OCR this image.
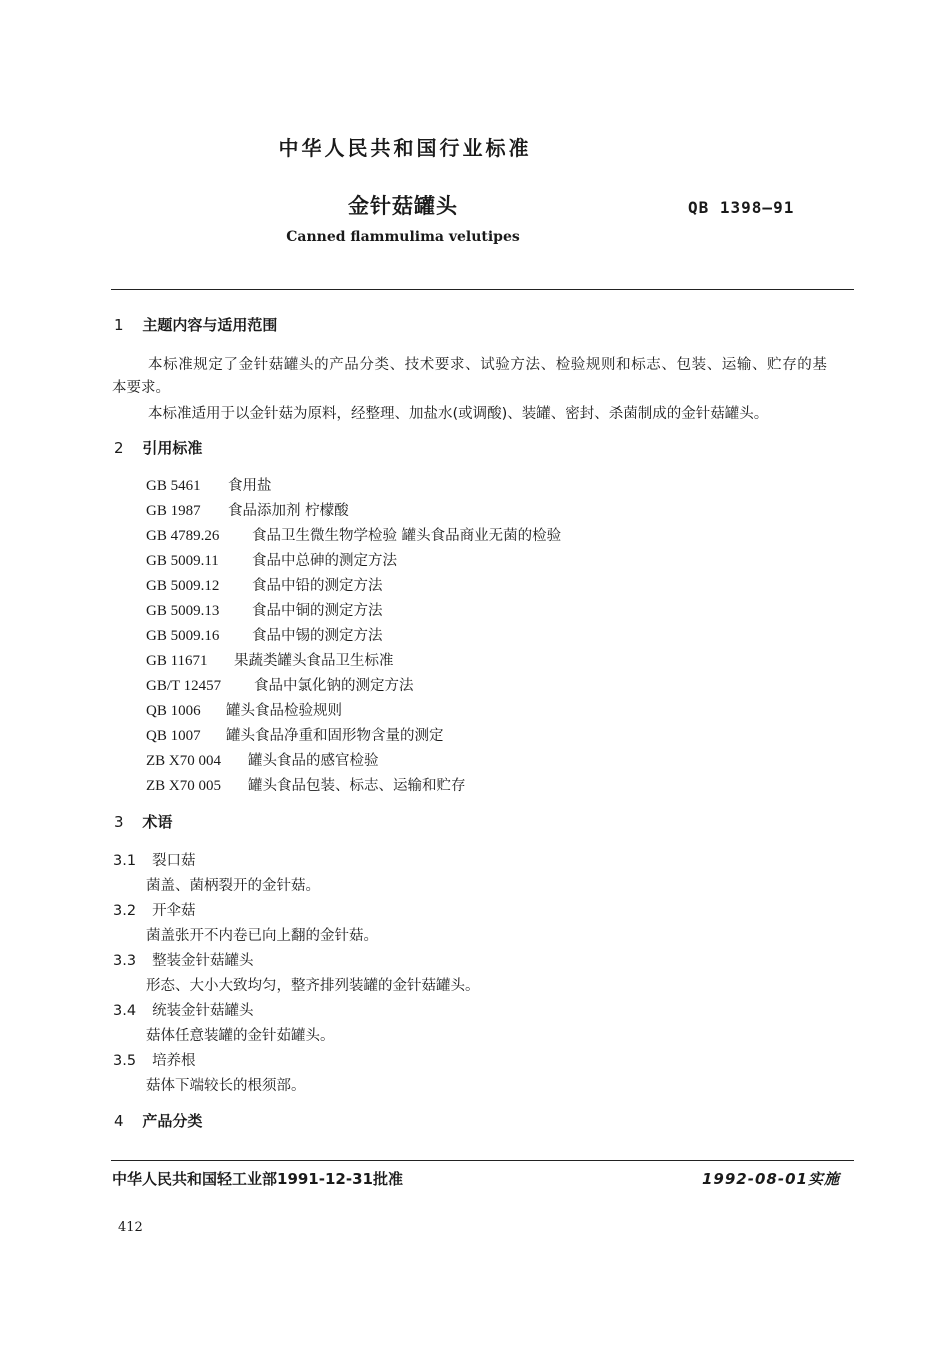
中华人民共和国行业标准
金针菇罐头	QB 1398—91
Canned flammulima velutipes
1 主题内容与适用范围
本标准规定了金针菇罐头的产品分类、技术要求、试验方法、检验规则和标志、包装、运输、贮存的基
本要求。
本标准适用于以金针菇为原料，经整理、加盐水(或调酸)、装罐、密封、杀菌制成的金针菇罐头。
2 引用标准
GB 5461 食用盐
GB 1987 食品添加剂 柠檬酸
GB 4789.26 食品卫生微生物学检验 罐头食品商业无菌的检验
GB 5009.11 食品中总砷的测定方法
GB 5009.12 食品中铅的测定方法
GB 5009.13 食品中铜的测定方法
GB 5009.16 食品中锡的测定方法
GB 11671 果蔬类罐头食品卫生标准
GB/T 12457 食品中氯化钠的测定方法
QB 1006 罐头食品检验规则
QB 1007 罐头食品净重和固形物含量的测定
ZB X70 004 罐头食品的感官检验
ZB X70 005 罐头食品包装、标志、运输和贮存
3 术语
3.1 裂口菇
菌盖、菌柄裂开的金针菇。
3.2 开伞菇
菌盖张开不内卷已向上翻的金针菇。
3.3 整装金针菇罐头
形态、大小大致均匀，整齐排列装罐的金针菇罐头。
3.4 统装金针菇罐头
菇体任意装罐的金针茹罐头。
3.5 培养根
菇体下端较长的根须部。
4 产品分类
中华人民共和国轻工业部1991-12-31批准	1992-08-01实施
412
